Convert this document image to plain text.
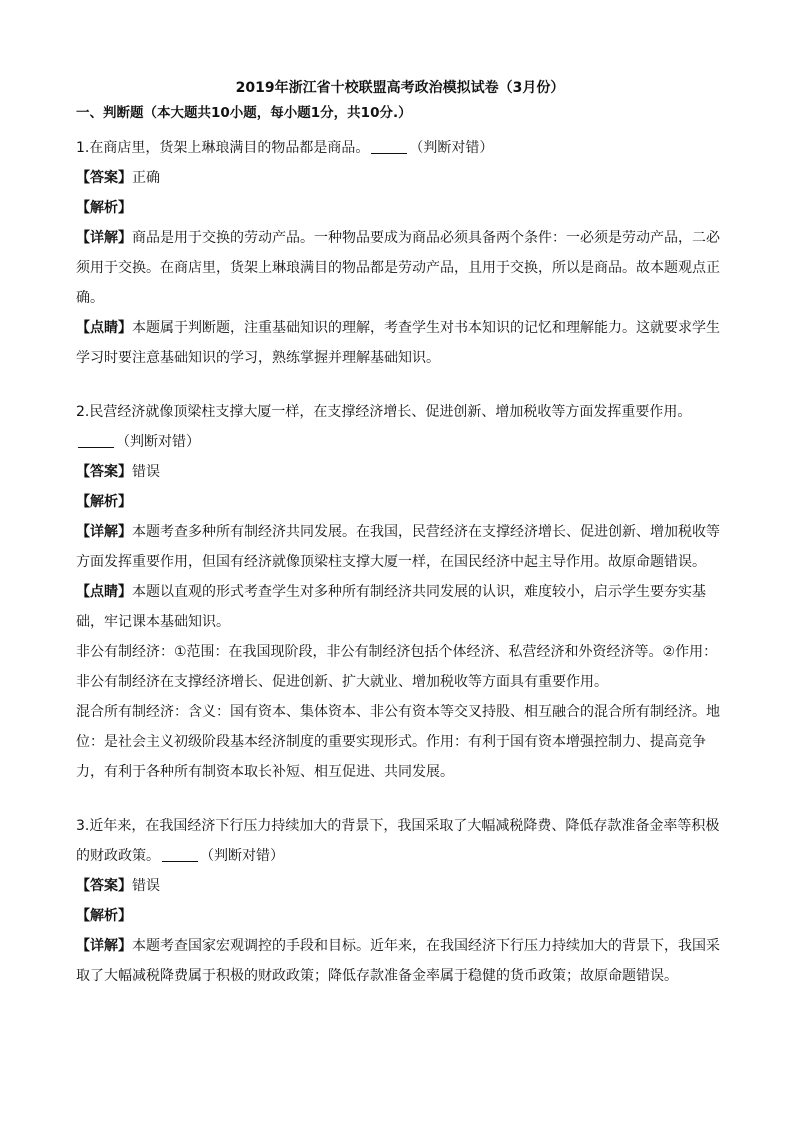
2019年浙江省十校联盟高考政治模拟试卷（3月份）
一、判断题（本大题共10小题，每小题1分，共10分.）

1.在商店里，货架上琳琅满目的物品都是商品。	（判断对错）

【答案】正确

【解析】

【详解】商品是用于交换的劳动产品。一种物品要成为商品必须具备两个条件：一必须是劳动产品，二必须用于交换。在商店里，货架上琳琅满目的物品都是劳动产品，且用于交换，所以是商品。故本题观点正确。

【点睛】本题属于判断题，注重基础知识的理解，考查学生对书本知识的记忆和理解能力。这就要求学生学习时要注意基础知识的学习，熟练掌握并理解基础知识。

2.民营经济就像顶梁柱支撑大厦一样，在支撑经济增长、促进创新、增加税收等方面发挥重要作用。（判断对错）

【答案】错误

【解析】

【详解】本题考查多种所有制经济共同发展。在我国，民营经济在支撑经济增长、促进创新、增加税收等方面发挥重要作用，但国有经济就像顶梁柱支撑大厦一样，在国民经济中起主导作用。故原命题错误。

【点睛】本题以直观的形式考查学生对多种所有制经济共同发展的认识，难度较小，启示学生要夯实基础，牢记课本基础知识。

非公有制经济：①范围：在我国现阶段，非公有制经济包括个体经济、私营经济和外资经济等。②作用：非公有制经济在支撑经济增长、促进创新、扩大就业、增加税收等方面具有重要作用。

混合所有制经济：含义：国有资本、集体资本、非公有资本等交叉持股、相互融合的混合所有制经济。地位：是社会主义初级阶段基本经济制度的重要实现形式。作用：有利于国有资本增强控制力、提高竞争力，有利于各种所有制资本取长补短、相互促进、共同发展。

3.近年来，在我国经济下行压力持续加大的背景下，我国采取了大幅减税降费、降低存款准备金率等积极的财政政策。	（判断对错）

【答案】错误

【解析】

【详解】本题考查国家宏观调控的手段和目标。近年来，在我国经济下行压力持续加大的背景下，我国采取了大幅减税降费属于积极的财政政策；降低存款准备金率属于稳健的货币政策；故原命题错误。
